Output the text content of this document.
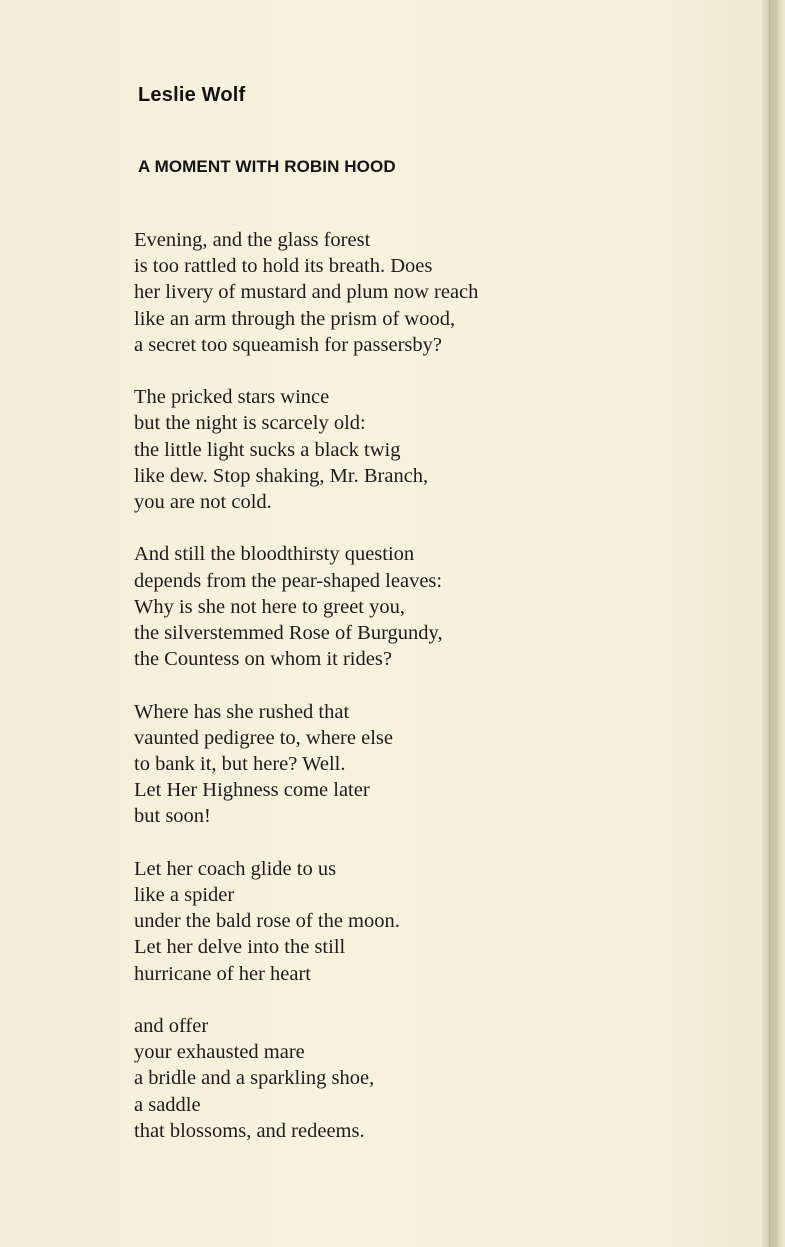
Leslie Wolf
A MOMENT WITH ROBIN HOOD

Evening, and the glass forest
is too rattled to hold its breath. Does
her livery of mustard and plum now reach
like an arm through the prism of wood,
a secret too squeamish for passersby?

The pricked stars wince
but the night is scarcely old:
the little light sucks a black twig
like dew. Stop shaking, Mr. Branch,
you are not cold.

And still the bloodthirsty question
depends from the pear-shaped leaves:
Why is she not here to greet you,
the silverstemmed Rose of Burgundy,
the Countess on whom it rides?

Where has she rushed that
vaunted pedigree to, where else
to bank it, but here? Well.
Let Her Highness come later
but soon!

Let her coach glide to us
like a spider
under the bald rose of the moon.
Let her delve into the still
hurricane of her heart

and offer
your exhausted mare
a bridle and a sparkling shoe,
a saddle
that blossoms, and redeems.
